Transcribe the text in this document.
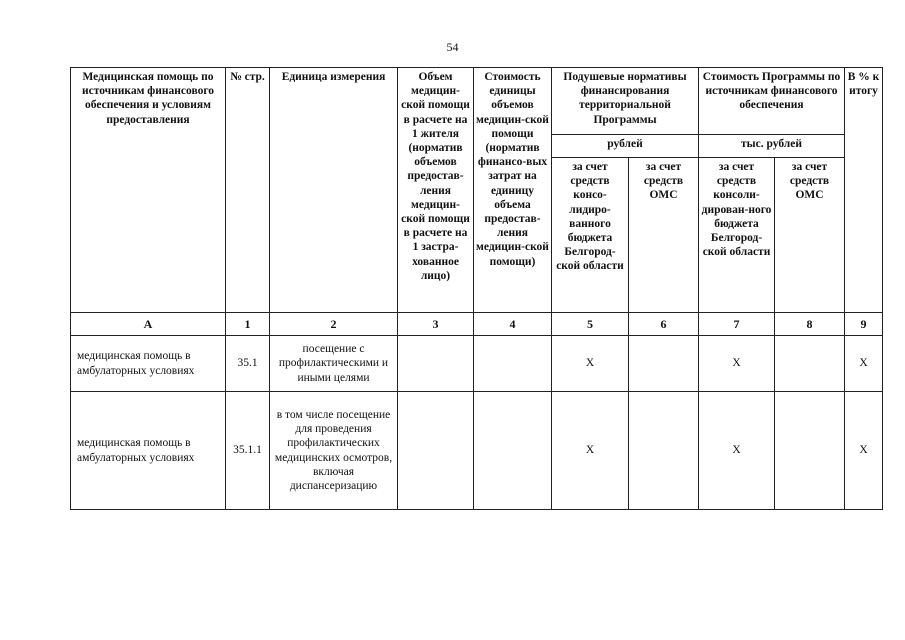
54
Медицинская помощь по источникам финансового обеспечения и условиям предоставления	№ стр.	Единица измерения	Объем медицин-ской помощи в расчете на 1 жителя (норматив объемов предостав-ления медицин-ской помощи в расчете на 1 застра-хованное лицо)	Стоимость единицы объемов медицин-ской помощи (норматив финансо-вых затрат на единицу объема предостав-ления медицин-ской помощи)	Подушевые нормативы финансирования территориальной Программы		Стоимость Программы по источникам финансового обеспечения		В % к итогу
					рублей		тыс. рублей		
					за счет средств консо-лидиро-ванного бюджета Белгород-ской области	за счет средств ОМС	за счет средств консоли-дирован-ного бюджета Белгород-ской области	за счет средств ОМС	
А	1	2	3	4	5	6	7	8	9
медицинская помощь в амбулаторных условиях	35.1	посещение с профилактическими и иными целями			Х		Х		Х
медицинская помощь в амбулаторных условиях	35.1.1	в том числе посещение для проведения профилактических медицинских осмотров, включая диспансеризацию			Х		Х		Х
